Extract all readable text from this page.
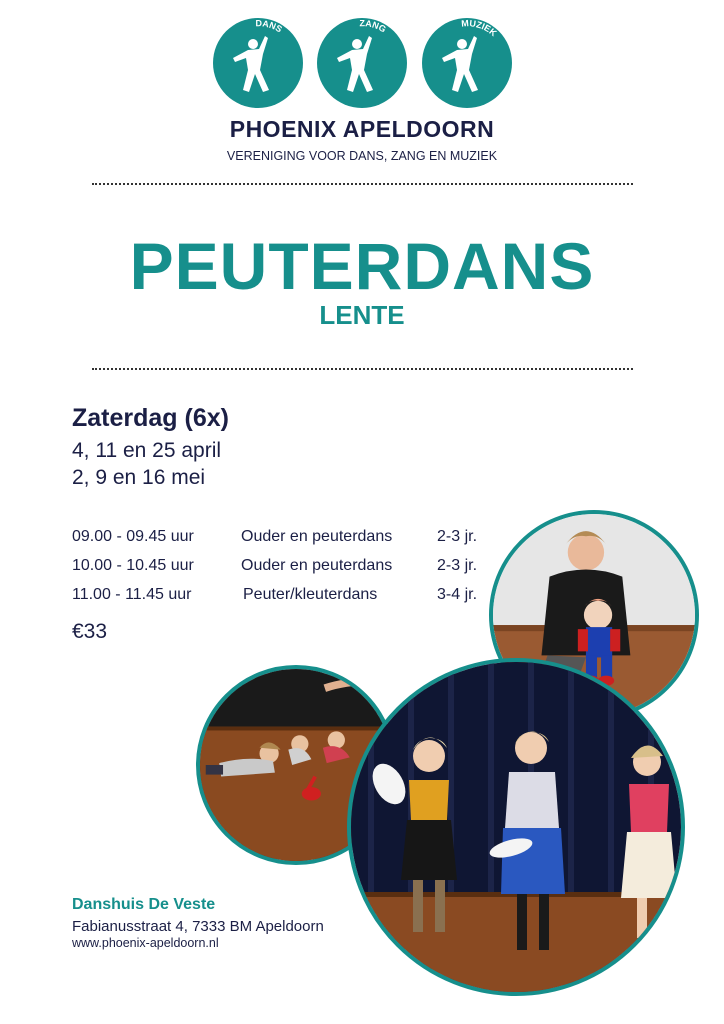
DANS	ZANG	MUZIEK
PHOENIX APELDOORN
VERENIGING VOOR DANS, ZANG EN MUZIEK
PEUTERDANS
LENTE
Zaterdag (6x)
4, 11 en 25 april
2, 9 en 16 mei
09.00 - 09.45 uur	Ouder en peuterdans	2-3 jr.
10.00 - 10.45 uur	Ouder en peuterdans	2-3 jr.
11.00 - 11.45 uur	Peuter/kleuterdans	3-4 jr.
€33
Danshuis De Veste
Fabianusstraat 4, 7333 BM Apeldoorn
www.phoenix-apeldoorn.nl
